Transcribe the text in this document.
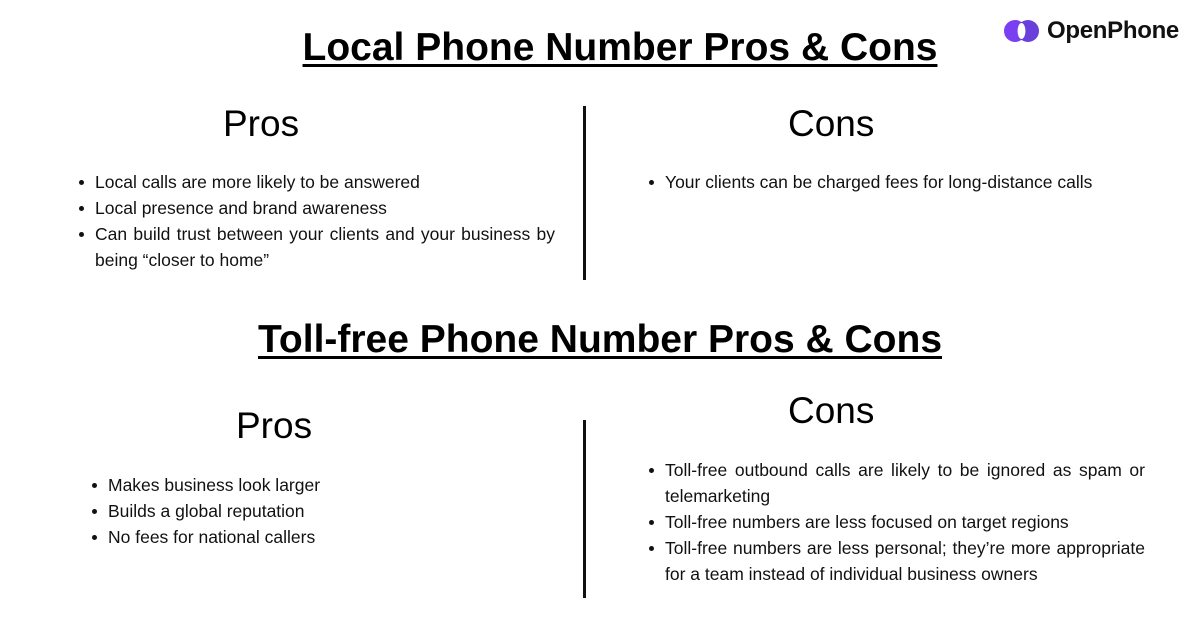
OpenPhone
Local Phone Number Pros & Cons
Pros	Cons
Local calls are more likely to be answered
Local presence and brand awareness
Can build trust between your clients and your business by being “closer to home”
Your clients can be charged fees for long-distance calls
Toll-free Phone Number Pros & Cons
Pros	Cons
Makes business look larger
Builds a global reputation
No fees for national callers
Toll-free outbound calls are likely to be ignored as spam or telemarketing
Toll-free numbers are less focused on target regions
Toll-free numbers are less personal; they’re more appropriate for a team instead of individual business owners
